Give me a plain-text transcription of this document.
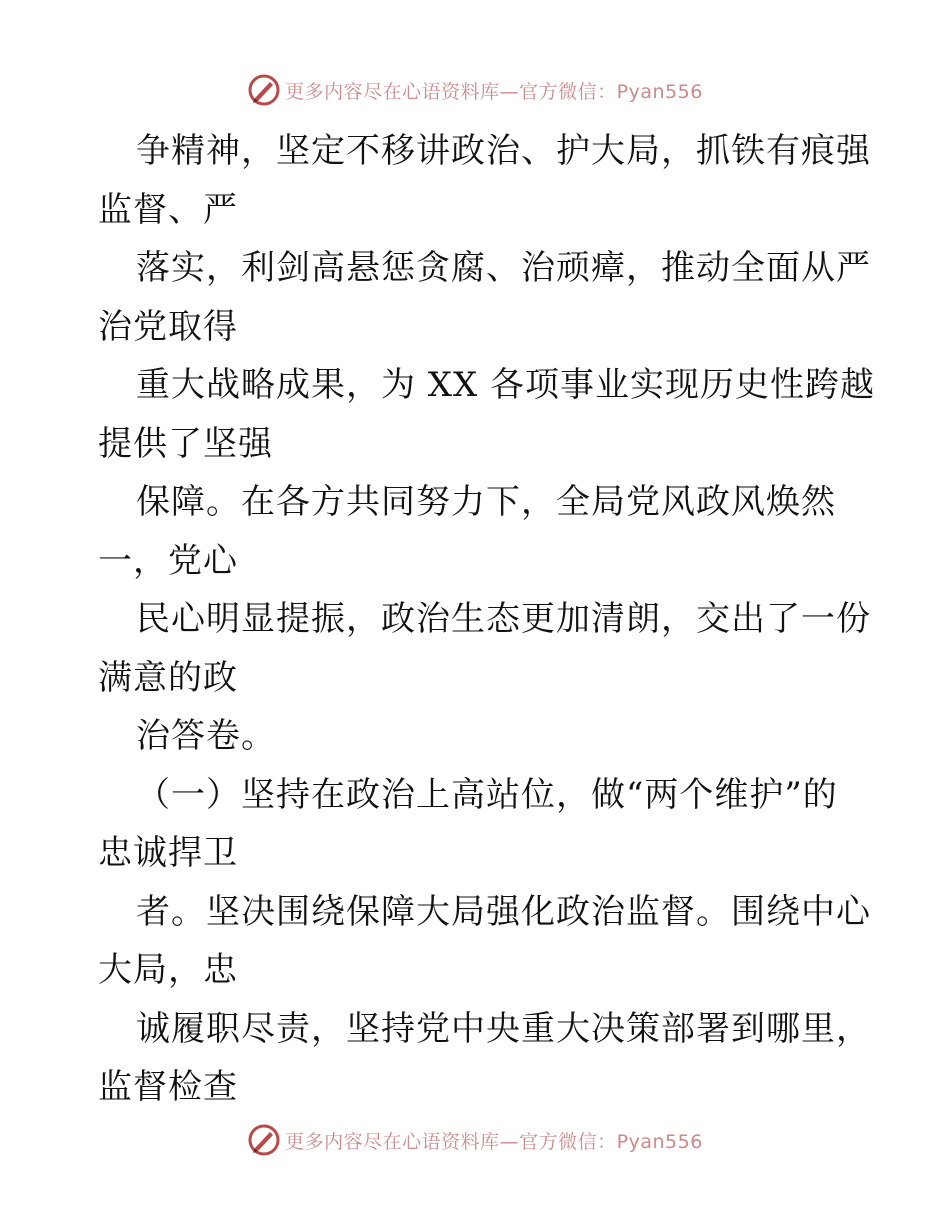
更多内容尽在心语资料库—官方微信：Pyan556
争精神，坚定不移讲政治、护大局，抓铁有痕强
监督、严
落实，利剑高悬惩贪腐、治顽瘴，推动全面从严
治党取得
重大战略成果，为 XX 各项事业实现历史性跨越
提供了坚强
保障。在各方共同努力下，全局党风政风焕然
一，党心
民心明显提振，政治生态更加清朗，交出了一份
满意的政
治答卷。
（一）坚持在政治上高站位，做“两个维护”的
忠诚捍卫
者。坚决围绕保障大局强化政治监督。围绕中心
大局，忠
诚履职尽责，坚持党中央重大决策部署到哪里，
监督检查
更多内容尽在心语资料库—官方微信：Pyan556
